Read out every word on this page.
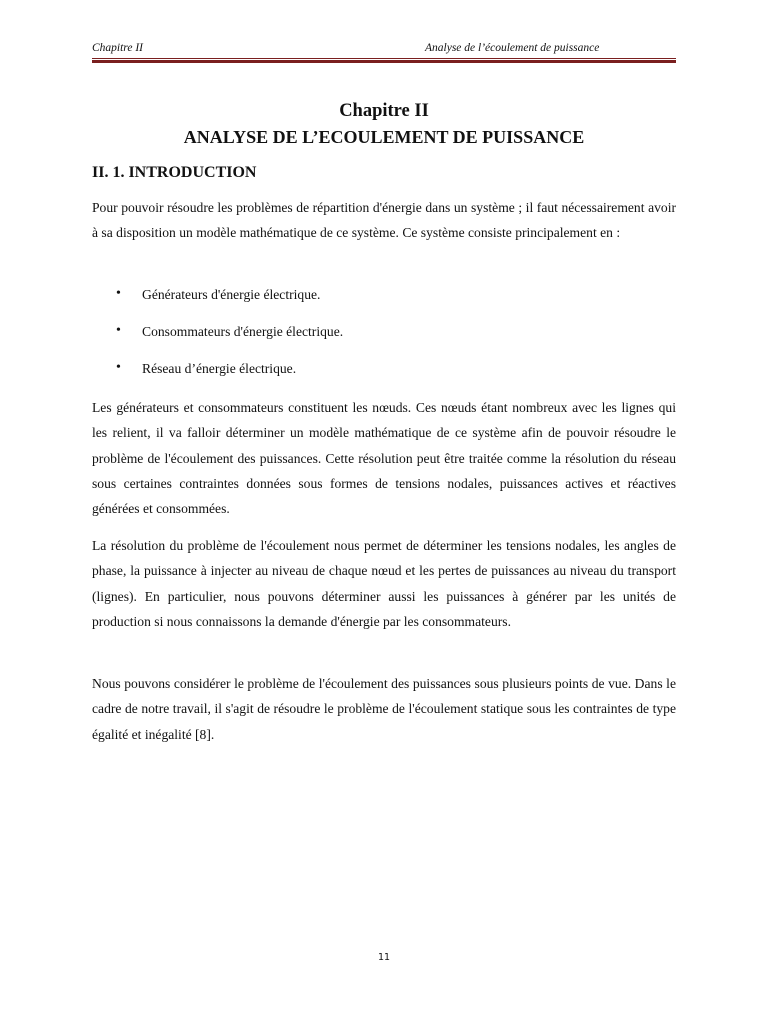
Chapitre II	Analyse de l’écoulement de puissance
Chapitre II
ANALYSE DE L’ECOULEMENT DE PUISSANCE
II. 1. INTRODUCTION

Pour pouvoir résoudre les problèmes de répartition d'énergie dans un système ; il faut nécessairement avoir à sa disposition un modèle mathématique de ce système. Ce système consiste principalement en :

• Générateurs d'énergie électrique.
• Consommateurs d'énergie électrique.
• Réseau d’énergie électrique.

Les générateurs et consommateurs constituent les nœuds. Ces nœuds étant nombreux avec les lignes qui les relient, il va falloir déterminer un modèle mathématique de ce système afin de pouvoir résoudre le problème de l'écoulement des puissances. Cette résolution peut être traitée comme la résolution du réseau sous certaines contraintes données sous formes de tensions nodales, puissances actives et réactives générées et consommées.

La résolution du problème de l'écoulement nous permet de déterminer les tensions nodales, les angles de phase, la puissance à injecter au niveau de chaque nœud et les pertes de puissances au niveau du transport (lignes). En particulier, nous pouvons déterminer aussi les puissances à générer par les unités de production si nous connaissons la demande d'énergie par les consommateurs.

Nous pouvons considérer le problème de l'écoulement des puissances sous plusieurs points de vue. Dans le cadre de notre travail, il s'agit de résoudre le problème de l'écoulement statique sous les contraintes de type égalité et inégalité [8].

11
